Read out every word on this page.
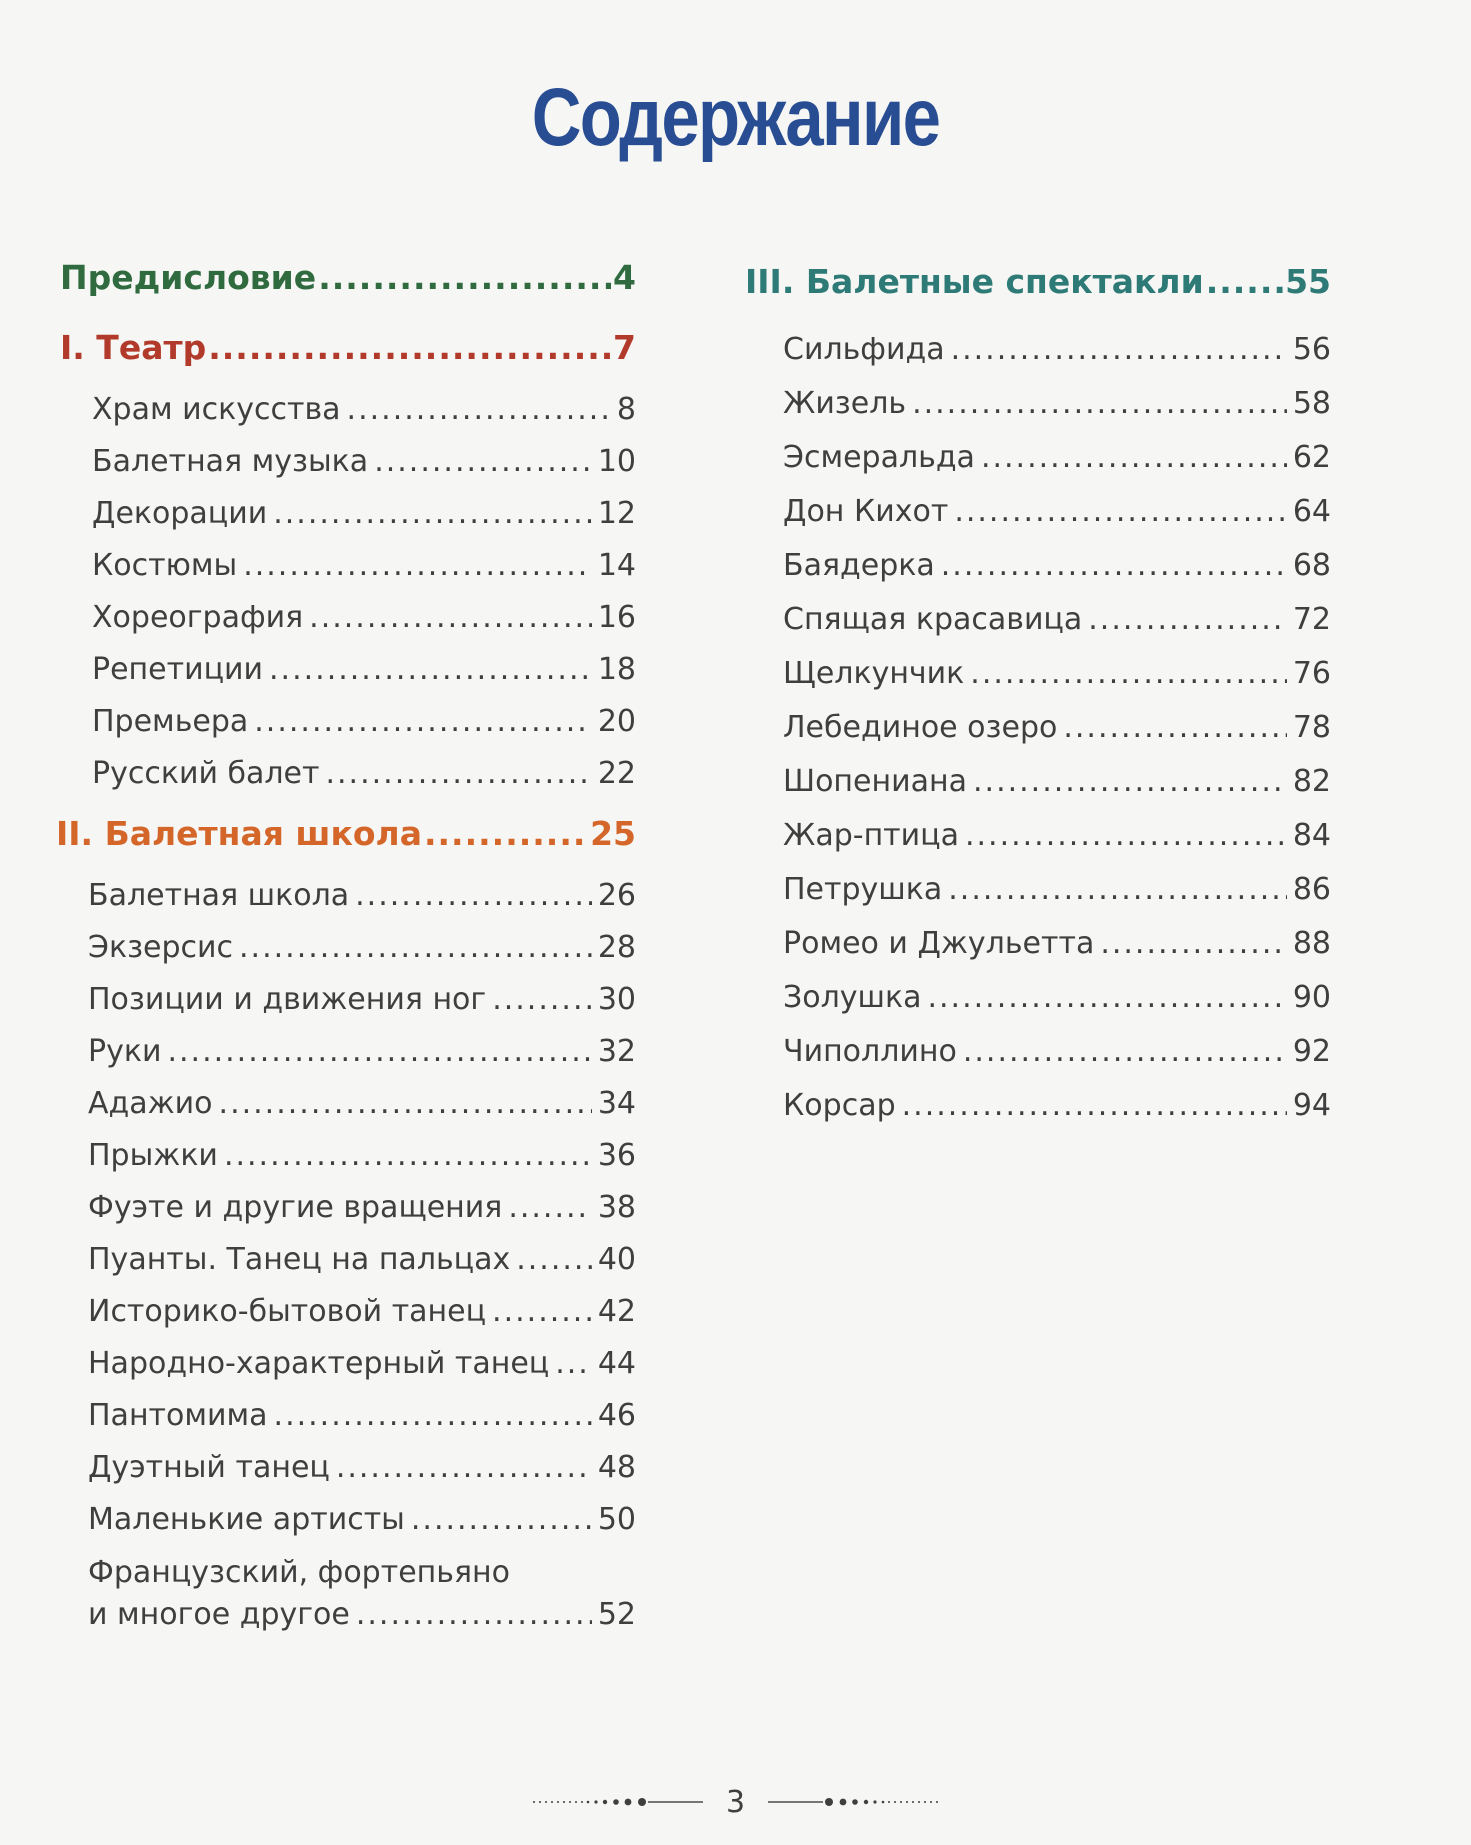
Содержание
Предисловие .....	4
I. Театр .....	7
Храм искусства .....	8
Балетная музыка .....	10
Декорации .....	12
Костюмы .....	14
Хореография .....	16
Репетиции .....	18
Премьера .....	20
Русский балет .....	22
II. Балетная школа .....	25
Балетная школа .....	26
Экзерсис .....	28
Позиции и движения ног .....	30
Руки .....	32
Адажио .....	34
Прыжки .....	36
Фуэте и другие вращения .....	38
Пуанты. Танец на пальцах .....	40
Историко-бытовой танец .....	42
Народно-характерный танец ..... 44
Пантомима .....	46
Дуэтный танец .....	48
Маленькие артисты .....	50
Французский, фортепьяно
и многое другое .....	52
III. Балетные спектакли ..... 55
Сильфида .....	56
Жизель .....	58
Эсмеральда .....	62
Дон Кихот .....	64
Баядерка .....	68
Спящая красавица .....	72
Щелкунчик .....	76
Лебединое озеро .....	78
Шопениана .....	82
Жар-птица .....	84
Петрушка .....	86
Ромео и Джульетта .....	88
Золушка .....	90
Чиполлино .....	92
Корсар .....	94
3
